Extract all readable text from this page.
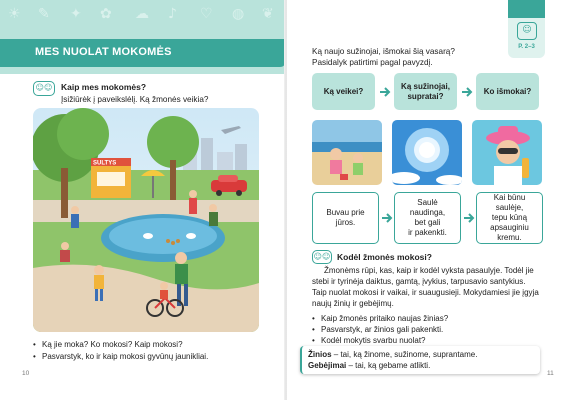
☀ ✎ ✦ ✿ ☁ ♪ ♡ ◍ ❦
MES NUOLAT MOKOMĖS
☺☺	Kaip mes mokomės?
Įsižiūrėk į paveikslėlį. Ką žmonės veikia?
SULTYS
• Ką jie moka? Ko mokosi? Kaip mokosi?
• Pasvarstyk, ko ir kaip mokosi gyvūnų jaunikliai.
10
☺
P. 2–3
Ką naujo sužinojai, išmokai šią vasarą?
Pasidalyk patirtimi pagal pavyzdį.
Ką veikei?
Ką sužinojai, supratai?
Ko išmokai?
Buvau prie
jūros.
Saulė
naudinga,
bet gali
ir pakenkti.
Kai būnu saulėje,
tepu kūną
apsauginiu
kremu.
☺☺ Kodėl žmonės mokosi?
Žmonėms rūpi, kas, kaip ir kodėl vyksta pasaulyje. Todėl jie
stebi ir tyrinėja daiktus, gamtą, įvykius, tarpusavio santykius.
Taip nuolat mokosi ir vaikai, ir suaugusieji. Mokydamiesi jie įgyja
naujų žinių ir gebėjimų.
• Kaip žmonės pritaiko naujas žinias?
• Pasvarstyk, ar žinios gali pakenkti.
• Kodėl mokytis svarbu nuolat?
Žinios – tai, ką žinome, sužinome, suprantame.
Gebėjimai – tai, ką gebame atlikti.
11
